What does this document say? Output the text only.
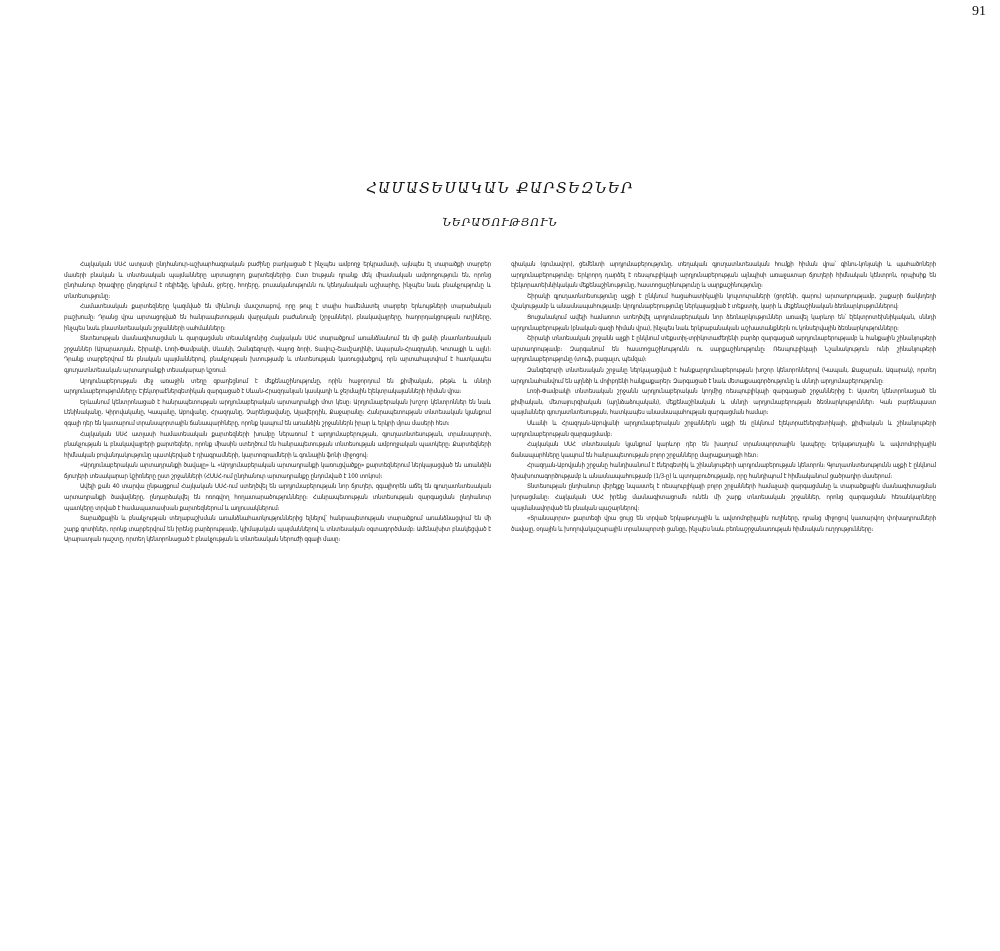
91
ՀԱՄԱՏԵՍԱԿԱՆ ՔԱՐՏԵԶՆԵՐ
ՆԵՐԱԾՈՒԹՅՈՒՆ

Հայկական ՍՍՀ ատլասի ընդհանուր-աշխարհագրական բաժինը բաղկացած է ինչպես ամբողջ երկրամասի, այնպես էլ տարածքի տարբեր մասերի բնական և տնտեսական պայմանները արտացոլող քարտեզներից։ Ըստ էության դրանք մեկ միասնական ամբողջություն են, որոնց ընդհանուր ծրագիրը ընդգրկում է ռելիեֆը, կլիման, ջրերը, հողերը, բուսականությունն ու կենդանական աշխարհը, ինչպես նաև բնակչությունը և տնտեսությունը։

Համատեսական քարտեզները կազմված են միևնույն մասշտաբով, որը թույլ է տալիս համեմատել տարբեր երևույթների տարածական բաշխումը։ Դրանց վրա արտացոլված են հանրապետության վարչական բաժանումը (շրջաններ), բնակավայրերը, հաղորդակցության ուղիները, ինչպես նաև բնատնտեսական շրջանների սահմանները։

Տնտեսության մասնագիտացման և զարգացման տեսանկյունից Հայկական ՍՍՀ տարածքում առանձնանում են մի քանի բնատնտեսական շրջաններ (Արարատյան, Շիրակի, Լոռի-Փամբակի, Սևանի, Զանգեզուրի, Վայոց ձորի, Տավուշ-Շամշադինի, Ապարան-Հրազդանի, Կոտայքի և այլն)։ Դրանք տարբերվում են բնական պայմաններով, բնակչության խտությամբ և տնտեսության կառուցվածքով, որն արտահայտվում է հատկապես գյուղատնտեսական արտադրանքի տեսակարար կշռում։

Արդյունաբերության մեջ առաջին տեղը զբաղեցնում է մեքենաշինությունը, որին հաջորդում են քիմիական, թեթև և սննդի արդյունաբերությունները։ Էլեկտրաէներգետիկան զարգացած է Սևան-Հրազդանյան կասկադի և ջերմային էլեկտրակայանների հիման վրա։

Երևանում կենտրոնացած է հանրապետության արդյունաբերական արտադրանքի մոտ կեսը։ Արդյունաբերական խոշոր կենտրոններ են նաև Լենինականը, Կիրովականը, Կապանը, Աբովյանը, Հրազդանը, Չարենցավանը, Ալավերդին, Քաջարանը։ Հանրապետության տնտեսական կյանքում զգալի դեր են կատարում տրանսպորտային ճանապարհները, որոնք կապում են առանձին շրջաններն իրար և երկրի մյուս մասերի հետ։

Հայկական ՍՍՀ ատլասի համատեսական քարտեզների խումբը ներառում է արդյունաբերության, գյուղատնտեսության, տրանսպորտի, բնակչության և բնակավայրերի քարտեզներ, որոնք միասին ստեղծում են հանրապետության տնտեսության ամբողջական պատկերը։ Քարտեզների հիմնական բովանդակությունը պատկերված է դիագրամների, կարտոգրամների և գունային ֆոնի միջոցով։

«Արդյունաբերական արտադրանքի ծավալը» և «Արդյունաբերական արտադրանքի կառուցվածքը» քարտեզներում ներկայացված են առանձին ճյուղերի տեսակարար կշիռները ըստ շրջանների (ՀՍՍՀ-ում ընդհանուր արտադրանքը ընդունված է 100 տոկոս)։

Ավելի քան 40 տարվա ընթացքում Հայկական ՍՍՀ-ում ստեղծվել են արդյունաբերության նոր ճյուղեր, զգալիորեն աճել են գյուղատնտեսական արտադրանքի ծավալները, ընդարձակվել են ոռոգվող հողատարածությունները։ Հանրապետության տնտեսության զարգացման ընդհանուր պատկերը տրված է համապատասխան քարտեզներում և աղյուսակներում։

Տարածքային և բնակչության տեղաբաշխման առանձնահատկություններից ելնելով՝ հանրապետության տարածքում առանձնացվում են մի շարք գոտիներ, որոնք տարբերվում են իրենց բարձրությամբ, կլիմայական պայմաններով և տնտեսական օգտագործմամբ։ Ամենախիտ բնակեցված է Արարատյան դաշտը, որտեղ կենտրոնացած է բնակչության և տնտեսական ներուժի զգալի մասը։

գիական (գունավոր), ցեմենտի արդյունաբերությունը, տեղական գյուղատնտեսական հումքի հիման վրա՝ գինու-կոնյակի և պահածոների արդյունաբերությունը։ Երկրորդ դարձել է ռեսպուբլիկայի արդյունաբերության այնպիսի առաջատար ճյուղերի հիմնական կենտրոն, որպիսիք են էլեկտրատեխնիկական մեքենաշինությունը, հաստոցաշինությունը և սարքաշինությունը։

Շիրակի գյուղատնտեսությունը աչքի է ընկնում հացահատիկային կուլտուրաների (ցորենի, գարու) արտադրությամբ, շաքարի ճակնդեղի մշակությամբ և անասնապահությամբ։ Արդյունաբերությունը ներկայացված է տեքստիլ, կարի և մեքենաշինական ձեռնարկություններով։

Ցուցանակում ավելի համառոտ ստեղծվել արդյունաբերական նոր ձեռնարկություններ առավել կարևոր են՝ էլեկտրոտեխնիկական, սննդի արդյունաբերության (բնական գազի հիման վրա), ինչպես նաև երկրաբանական աշխատանքներն ու կոնսերվային ձեռնարկությունները։

Շիրակի տնտեսական շրջանն աչքի է ընկնում տեքստիլ-տրիկոտաժեղենի բարձր զարգացած արդյունաբերությամբ և հանքային շինանյութերի արտադրությամբ։ Զարգանում են հաստոցաշինությունն ու սարքաշինությունը։ Ռեսպուբլիկայի Նշանակություն ունի շինանյութերի արդյունաբերությունը (տուֆ, բազալտ, պեմզա)։

Զանգեզուրի տնտեսական շրջանը ներկայացված է հանքարդյունաբերության խոշոր կենտրոններով (Կապան, Քաջարան, Ագարակ), որտեղ արդյունահանվում են պղնձի և մոլիբդենի հանքաքարեր։ Զարգացած է նաև մետաքսագործությունը և սննդի արդյունաբերությունը։

Լոռի-Փամբակի տնտեսական շրջանն արդյունաբերական կողմից ռեսպուբլիկայի զարգացած շրջաններից է։ Այստեղ կենտրոնացած են քիմիական, մետալուրգիական (պղնձաձուլական), մեքենաշինական և սննդի արդյունաբերության ձեռնարկություններ։ Կան բարենպաստ պայմաններ գյուղատնտեսության, հատկապես անասնապահության զարգացման համար։

Սևանի և Հրազդան-Աբովյանի արդյունաբերական շրջաններն աչքի են ընկնում էլեկտրաէներգետիկայի, քիմիական և շինանյութերի արդյունաբերության զարգացմամբ։

Հայկական ՍՍՀ տնտեսական կյանքում կարևոր դեր են խաղում տրանսպորտային կապերը։ Երկաթուղային և ավտոմոբիլային ճանապարհները կապում են հանրապետության բոլոր շրջանները մայրաքաղաքի հետ։

Հրազդան-Աբովյանի շրջանը հանդիսանում է էներգետիկ և շինանյութերի արդյունաբերության կենտրոն։ Գյուղատնտեսությունն աչքի է ընկնում ծխախոտագործությամբ և անասնապահությամբ (1/3-ը) և պտղաբուծությամբ, որը հանդիպում է հիմնականում ցածրադիր մասերում։

Տնտեսության ընդհանուր վերելքը նպաստել է ռեսպուբլիկայի բոլոր շրջանների համաչափ զարգացմանը և տարածքային մասնագիտացման խորացմանը։ Հայկական ՍՍՀ իրենց մասնագիտացումն ունեն մի շարք տնտեսական շրջաններ, որոնց զարգացման հեռանկարները պայմանավորված են բնական պաշարներով։

«Տրանսպորտ» քարտեզի վրա ցույց են տրված երկաթուղային և ավտոմոբիլային ուղիները, դրանց միջոցով կատարվող փոխադրումների ծավալը, օդային և խողովակաշարային տրանսպորտի ցանցը, ինչպես նաև բեռնաշրջանառության հիմնական ուղղությունները։
